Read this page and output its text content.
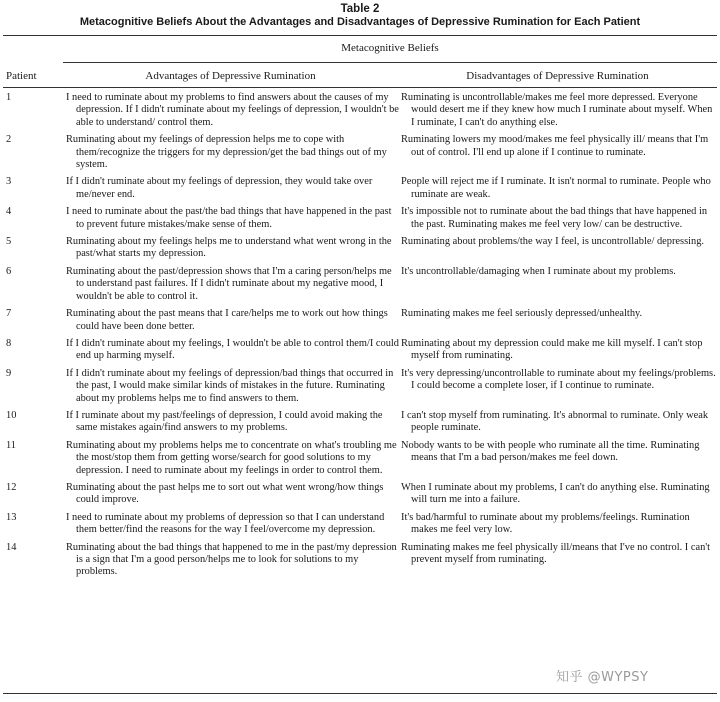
Table 2
Metacognitive Beliefs About the Advantages and Disadvantages of Depressive Rumination for Each Patient
Metacognitive Beliefs
Patient	Advantages of Depressive Rumination	Disadvantages of Depressive Rumination
1	I need to ruminate about my problems to find answers about the causes of my depression. If I didn't ruminate about my feelings of depression, I wouldn't be able to understand/ control them.	Ruminating is uncontrollable/makes me feel more depressed. Everyone would desert me if they knew how much I ruminate about myself. When I ruminate, I can't do anything else.

2	Ruminating about my feelings of depression helps me to cope with them/recognize the triggers for my depression/get the bad things out of my system.	Ruminating lowers my mood/makes me feel physically ill/ means that I'm out of control. I'll end up alone if I continue to ruminate.

3	If I didn't ruminate about my feelings of depression, they would take over me/never end.	People will reject me if I ruminate. It isn't normal to ruminate. People who ruminate are weak.

4	I need to ruminate about the past/the bad things that have happened in the past to prevent future mistakes/make sense of them.	It's impossible not to ruminate about the bad things that have happened in the past. Ruminating makes me feel very low/ can be destructive.

5	Ruminating about my feelings helps me to understand what went wrong in the past/what starts my depression.	Ruminating about problems/the way I feel, is uncontrollable/ depressing.

6	Ruminating about the past/depression shows that I'm a caring person/helps me to understand past failures. If I didn't ruminate about my negative mood, I wouldn't be able to control it.	It's uncontrollable/damaging when I ruminate about my problems.

7	Ruminating about the past means that I care/helps me to work out how things could have been done better.	Ruminating makes me feel seriously depressed/unhealthy.

8	If I didn't ruminate about my feelings, I wouldn't be able to control them/I could end up harming myself.	Ruminating about my depression could make me kill myself. I can't stop myself from ruminating.

9	If I didn't ruminate about my feelings of depression/bad things that occurred in the past, I would make similar kinds of mistakes in the future. Ruminating about my problems helps me to find answers to them.	It's very depressing/uncontrollable to ruminate about my feelings/problems. I could become a complete loser, if I continue to ruminate.

10	If I ruminate about my past/feelings of depression, I could avoid making the same mistakes again/find answers to my problems.	I can't stop myself from ruminating. It's abnormal to ruminate. Only weak people ruminate.

11	Ruminating about my problems helps me to concentrate on what's troubling me the most/stop them from getting worse/search for good solutions to my depression. I need to ruminate about my feelings in order to control them.	Nobody wants to be with people who ruminate all the time. Ruminating means that I'm a bad person/makes me feel down.

12	Ruminating about the past helps me to sort out what went wrong/how things could improve.	When I ruminate about my problems, I can't do anything else. Ruminating will turn me into a failure.

13	I need to ruminate about my problems of depression so that I can understand them better/find the reasons for the way I feel/overcome my depression.	It's bad/harmful to ruminate about my problems/feelings. Rumination makes me feel very low.

14	Ruminating about the bad things that happened to me in the past/my depression is a sign that I'm a good person/helps me to look for solutions to my problems.	Ruminating makes me feel physically ill/means that I've no control. I can't prevent myself from ruminating.
知乎 @WYPSY
